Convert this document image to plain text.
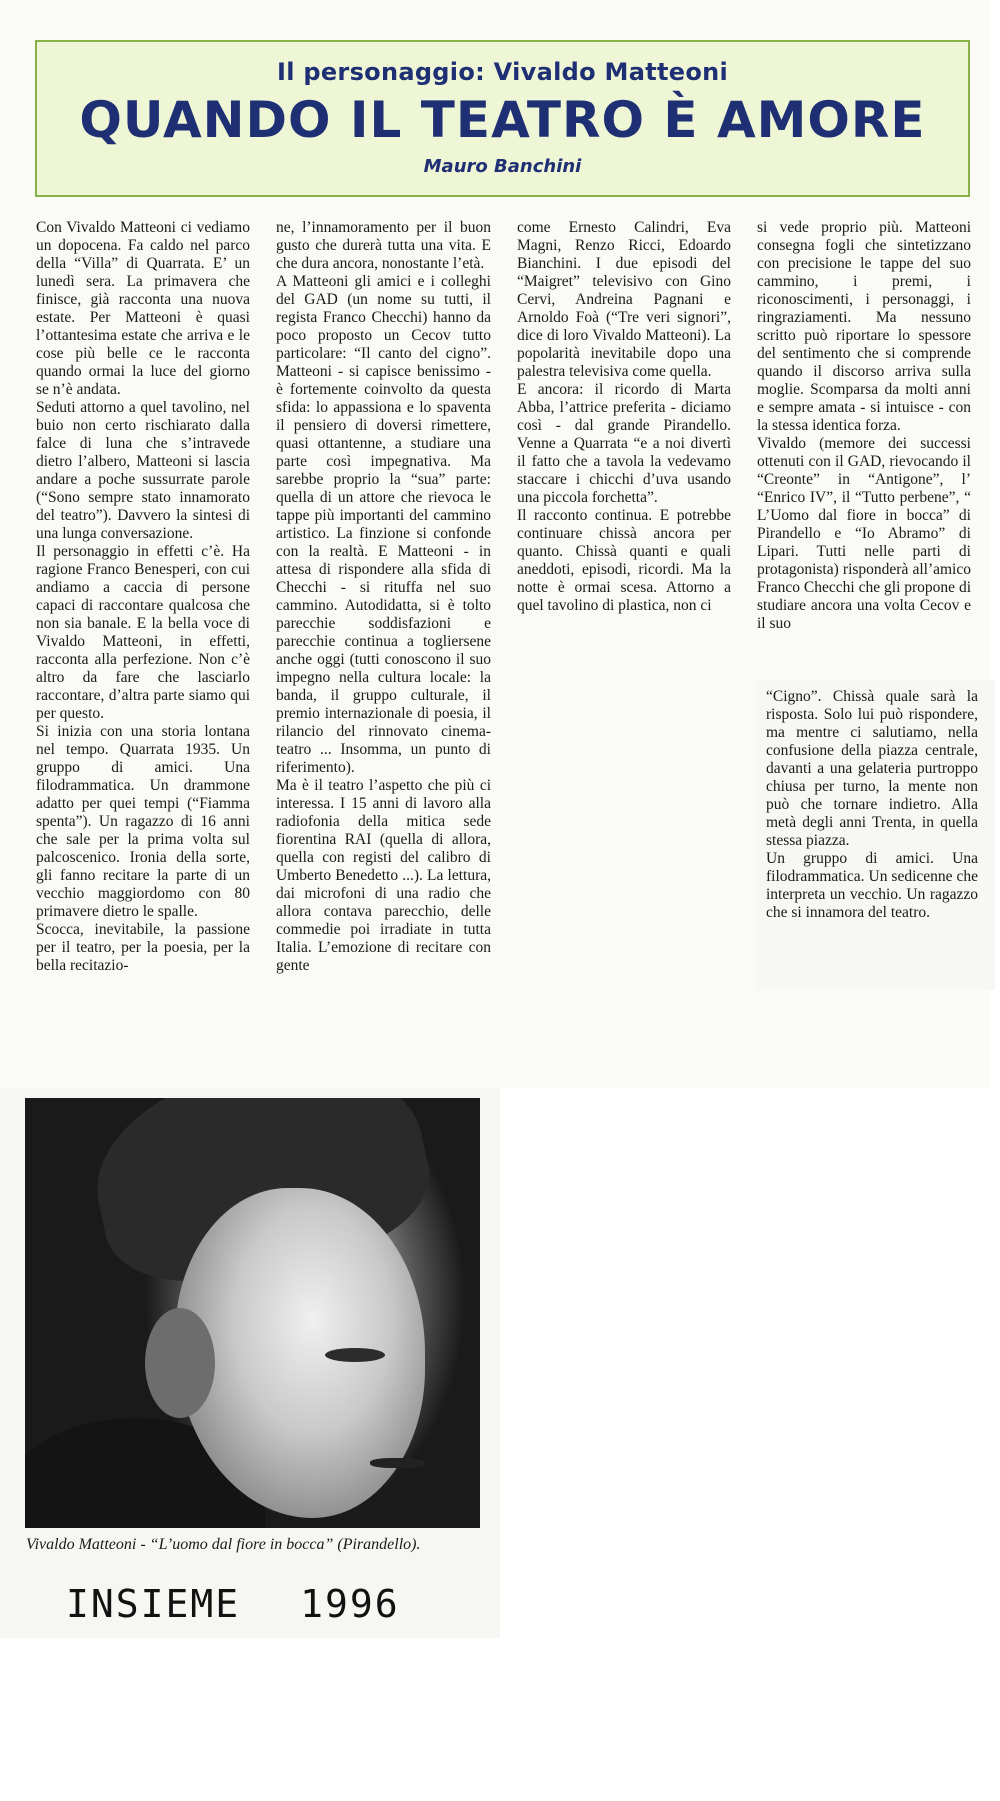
Il personaggio: Vivaldo Matteoni
QUANDO IL TEATRO È AMORE
Mauro Banchini

Con Vivaldo Matteoni ci vediamo un dopocena. Fa caldo nel parco della “Villa” di Quarrata. E’ un lunedì sera. La primavera che finisce, già racconta una nuova estate. Per Matteoni è quasi l’ottantesima estate che arriva e le cose più belle ce le racconta quando ormai la luce del giorno se n’è andata.

Seduti attorno a quel tavolino, nel buio non certo rischiarato dalla falce di luna che s’intravede dietro l’albero, Matteoni si lascia andare a poche sussurrate parole (“Sono sempre stato innamorato del teatro”). Davvero la sintesi di una lunga conversazione.

Il personaggio in effetti c’è. Ha ragione Franco Benesperi, con cui andiamo a caccia di persone capaci di raccontare qualcosa che non sia banale. E la bella voce di Vivaldo Matteoni, in effetti, racconta alla perfezione. Non c’è altro da fare che lasciarlo raccontare, d’altra parte siamo qui per questo.

Si inizia con una storia lontana nel tempo. Quarrata 1935. Un gruppo di amici. Una filodrammatica. Un drammone adatto per quei tempi (“Fiamma spenta”). Un ragazzo di 16 anni che sale per la prima volta sul palcoscenico. Ironia della sorte, gli fanno recitare la parte di un vecchio maggiordomo con 80 primavere dietro le spalle.

Scocca, inevitabile, la passione per il teatro, per la poesia, per la bella recitazio-

ne, l’innamoramento per il buon gusto che durerà tutta una vita. E che dura ancora, nonostante l’età.

A Matteoni gli amici e i colleghi del GAD (un nome su tutti, il regista Franco Checchi) hanno da poco proposto un Cecov tutto particolare: “Il canto del cigno”. Matteoni - si capisce benissimo - è fortemente coinvolto da questa sfida: lo appassiona e lo spaventa il pensiero di doversi rimettere, quasi ottantenne, a studiare una parte così impegnativa. Ma sarebbe proprio la “sua” parte: quella di un attore che rievoca le tappe più importanti del cammino artistico. La finzione si confonde con la realtà. E Matteoni - in attesa di rispondere alla sfida di Checchi - si rituffa nel suo cammino. Autodidatta, si è tolto parecchie soddisfazioni e parecchie continua a togliersene anche oggi (tutti conoscono il suo impegno nella cultura locale: la banda, il gruppo culturale, il premio internazionale di poesia, il rilancio del rinnovato cinema-teatro ... Insomma, un punto di riferimento).

Ma è il teatro l’aspetto che più ci interessa. I 15 anni di lavoro alla radiofonia della mitica sede fiorentina RAI (quella di allora, quella con registi del calibro di Umberto Benedetto ...). La lettura, dai microfoni di una radio che allora contava parecchio, delle commedie poi irradiate in tutta Italia. L’emozione di recitare con gente

come Ernesto Calindri, Eva Magni, Renzo Ricci, Edoardo Bianchini. I due episodi del “Maigret” televisivo con Gino Cervi, Andreina Pagnani e Arnoldo Foà (“Tre veri signori”, dice di loro Vivaldo Matteoni). La popolarità inevitabile dopo una palestra televisiva come quella.

E ancora: il ricordo di Marta Abba, l’attrice preferita - diciamo così - dal grande Pirandello. Venne a Quarrata “e a noi divertì il fatto che a tavola la vedevamo staccare i chicchi d’uva usando una piccola forchetta”.

Il racconto continua. E potrebbe continuare chissà ancora per quanto. Chissà quanti e quali aneddoti, episodi, ricordi. Ma la notte è ormai scesa. Attorno a quel tavolino di plastica, non ci

si vede proprio più. Matteoni consegna fogli che sintetizzano con precisione le tappe del suo cammino, i premi, i riconoscimenti, i personaggi, i ringraziamenti. Ma nessuno scritto può riportare lo spessore del sentimento che si comprende quando il discorso arriva sulla moglie. Scomparsa da molti anni e sempre amata - si intuisce - con la stessa identica forza.

Vivaldo (memore dei successi ottenuti con il GAD, rievocando il “Creonte” in “Antigone”, l’ “Enrico IV”, il “Tutto perbene”, “ L’Uomo dal fiore in bocca” di Pirandello e “Io Abramo” di Lipari. Tutti nelle parti di protagonista) risponderà all’amico Franco Checchi che gli propone di studiare ancora una volta Cecov e il suo

“Cigno”. Chissà quale sarà la risposta. Solo lui può rispondere, ma mentre ci salutiamo, nella confusione della piazza centrale, davanti a una gelateria purtroppo chiusa per turno, la mente non può che tornare indietro. Alla metà degli anni Trenta, in quella stessa piazza.

Un gruppo di amici. Una filodrammatica. Un sedicenne che interpreta un vecchio. Un ragazzo che si innamora del teatro.

Vivaldo Matteoni - “L’uomo dal fiore in bocca” (Pirandello).
INSIEME 1996
